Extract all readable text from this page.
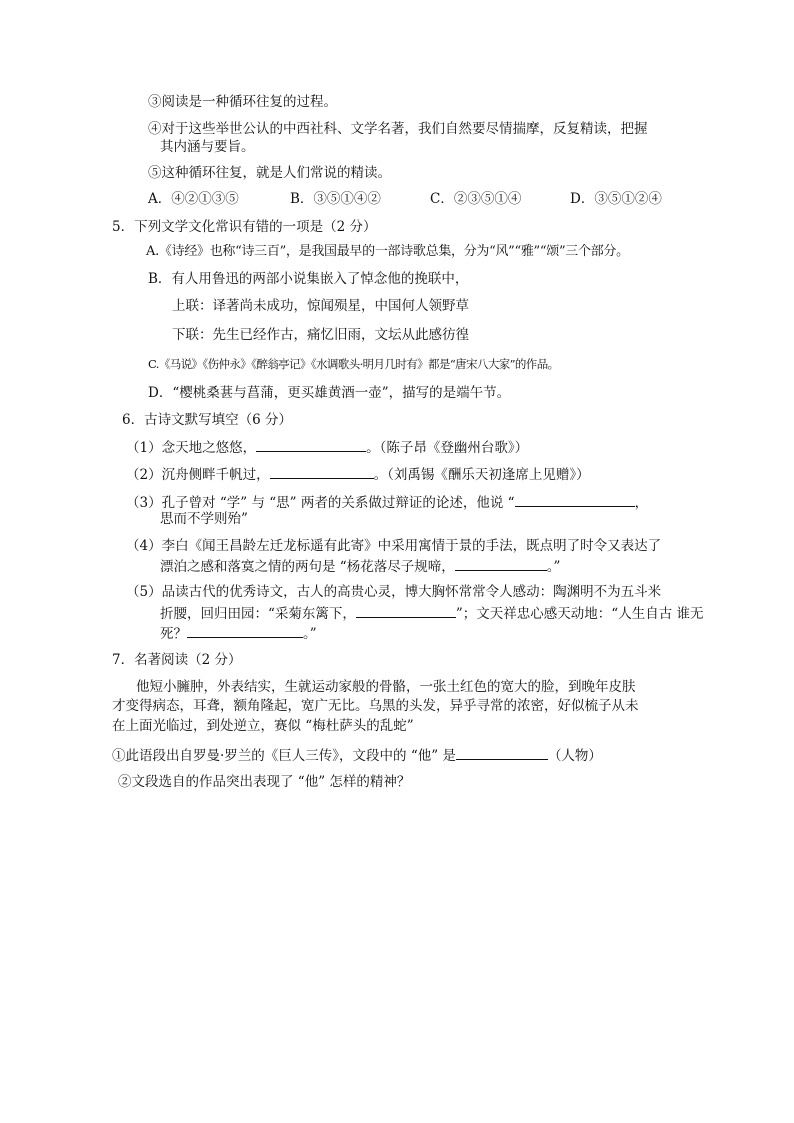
③阅读是一种循环往复的过程。
④对于这些举世公认的中西社科、文学名著，我们自然要尽情揣摩，反复精读，把握
其内涵与要旨。
⑤这种循环往复，就是人们常说的精读。
A．④②①③⑤	B．③⑤①④②	C．②③⑤①④	D．③⑤①②④
5．下列文学文化常识有错的一项是（2 分）
A.《诗经》也称“诗三百”，是我国最早的一部诗歌总集，分为“风”“雅”“颂”三个部分。
B．有人用鲁迅的两部小说集嵌入了悼念他的挽联中，
上联：译著尚未成功，惊闻殒星，中国何人领野草
下联：先生已经作古，痛忆旧雨，文坛从此感彷徨
C.《马说》《伤仲永》《醉翁亭记》《水调歌头·明月几时有》都是“唐宋八大家”的作品。
D．“樱桃桑葚与菖蒲，更买雄黄酒一壶”，描写的是端午节。
6．古诗文默写填空（6 分）
（1）念天地之悠悠，	。（陈子昂《登幽州台歌》）
（2）沉舟侧畔千帆过，	。（刘禹锡《酬乐天初逢席上见赠》）
（3）孔子曾对 “学” 与 “思” 两者的关系做过辩证的论述，他说 “	，
思而不学则殆”
（4）李白《闻王昌龄左迁龙标遥有此寄》中采用寓情于景的手法，既点明了时令又表达了
漂泊之感和落寞之情的两句是 “杨花落尽子规啼，	。”
（5）品读古代的优秀诗文，古人的高贵心灵，博大胸怀常常令人感动：陶渊明不为五斗米
折腰，回归田园：“采菊东篱下，	”；文天祥忠心感天动地：“人生自古 谁无
死？	。”
7．名著阅读（2 分）
他短小臃肿，外表结实，生就运动家般的骨骼，一张土红色的宽大的脸，到晚年皮肤
才变得病态，耳聋，额角隆起，宽广无比。乌黑的头发，异乎寻常的浓密，好似梳子从未
在上面光临过，到处逆立，赛似 “梅杜萨头的乱蛇”
①此语段出自罗曼·罗兰的《巨人三传》，文段中的 “他” 是	（人物）
②文段选自的作品突出表现了 “他” 怎样的精神？
